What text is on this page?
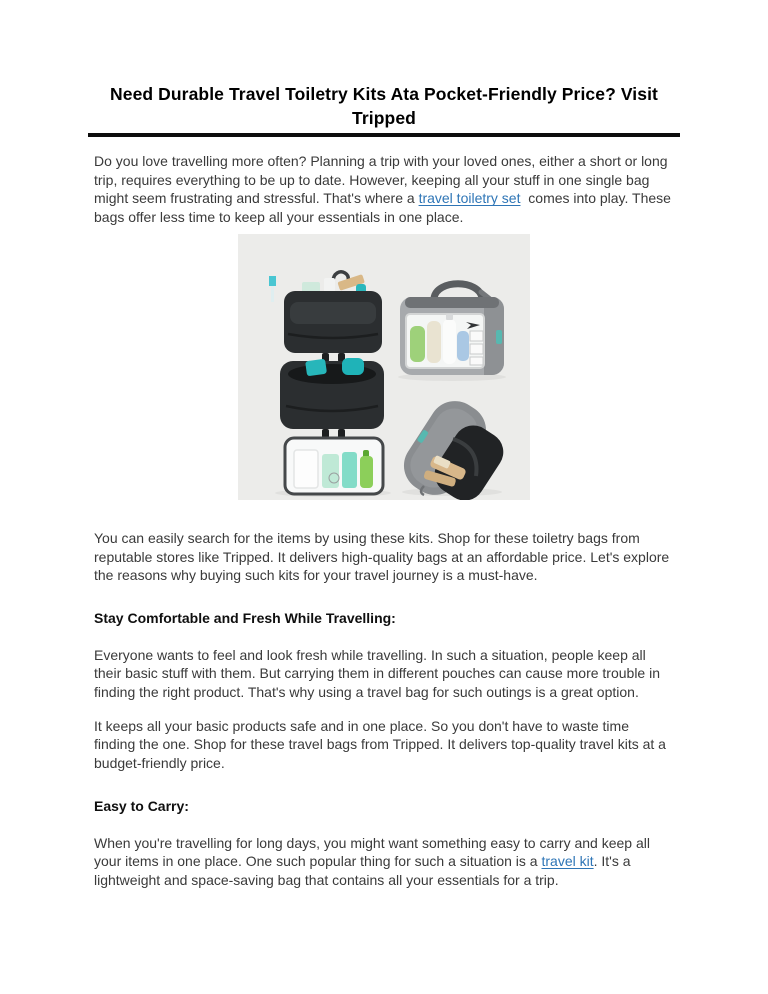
Need Durable Travel Toiletry Kits Ata Pocket-Friendly Price? Visit Tripped

Do you love travelling more often? Planning a trip with your loved ones, either a short or long trip, requires everything to be up to date. However, keeping all your stuff in one single bag might seem frustrating and stressful. That's where a travel toiletry set  comes into play. These bags offer less time to keep all your essentials in one place.

You can easily search for the items by using these kits. Shop for these toiletry bags from reputable stores like Tripped. It delivers high-quality bags at an affordable price. Let's explore the reasons why buying such kits for your travel journey is a must-have.

Stay Comfortable and Fresh While Travelling:

Everyone wants to feel and look fresh while travelling. In such a situation, people keep all their basic stuff with them. But carrying them in different pouches can cause more trouble in finding the right product. That's why using a travel bag for such outings is a great option.

It keeps all your basic products safe and in one place. So you don't have to waste time finding the one. Shop for these travel bags from Tripped. It delivers top-quality travel kits at a budget-friendly price.

Easy to Carry:

When you're travelling for long days, you might want something easy to carry and keep all your items in one place. One such popular thing for such a situation is a travel kit. It's a lightweight and space-saving bag that contains all your essentials for a trip.
